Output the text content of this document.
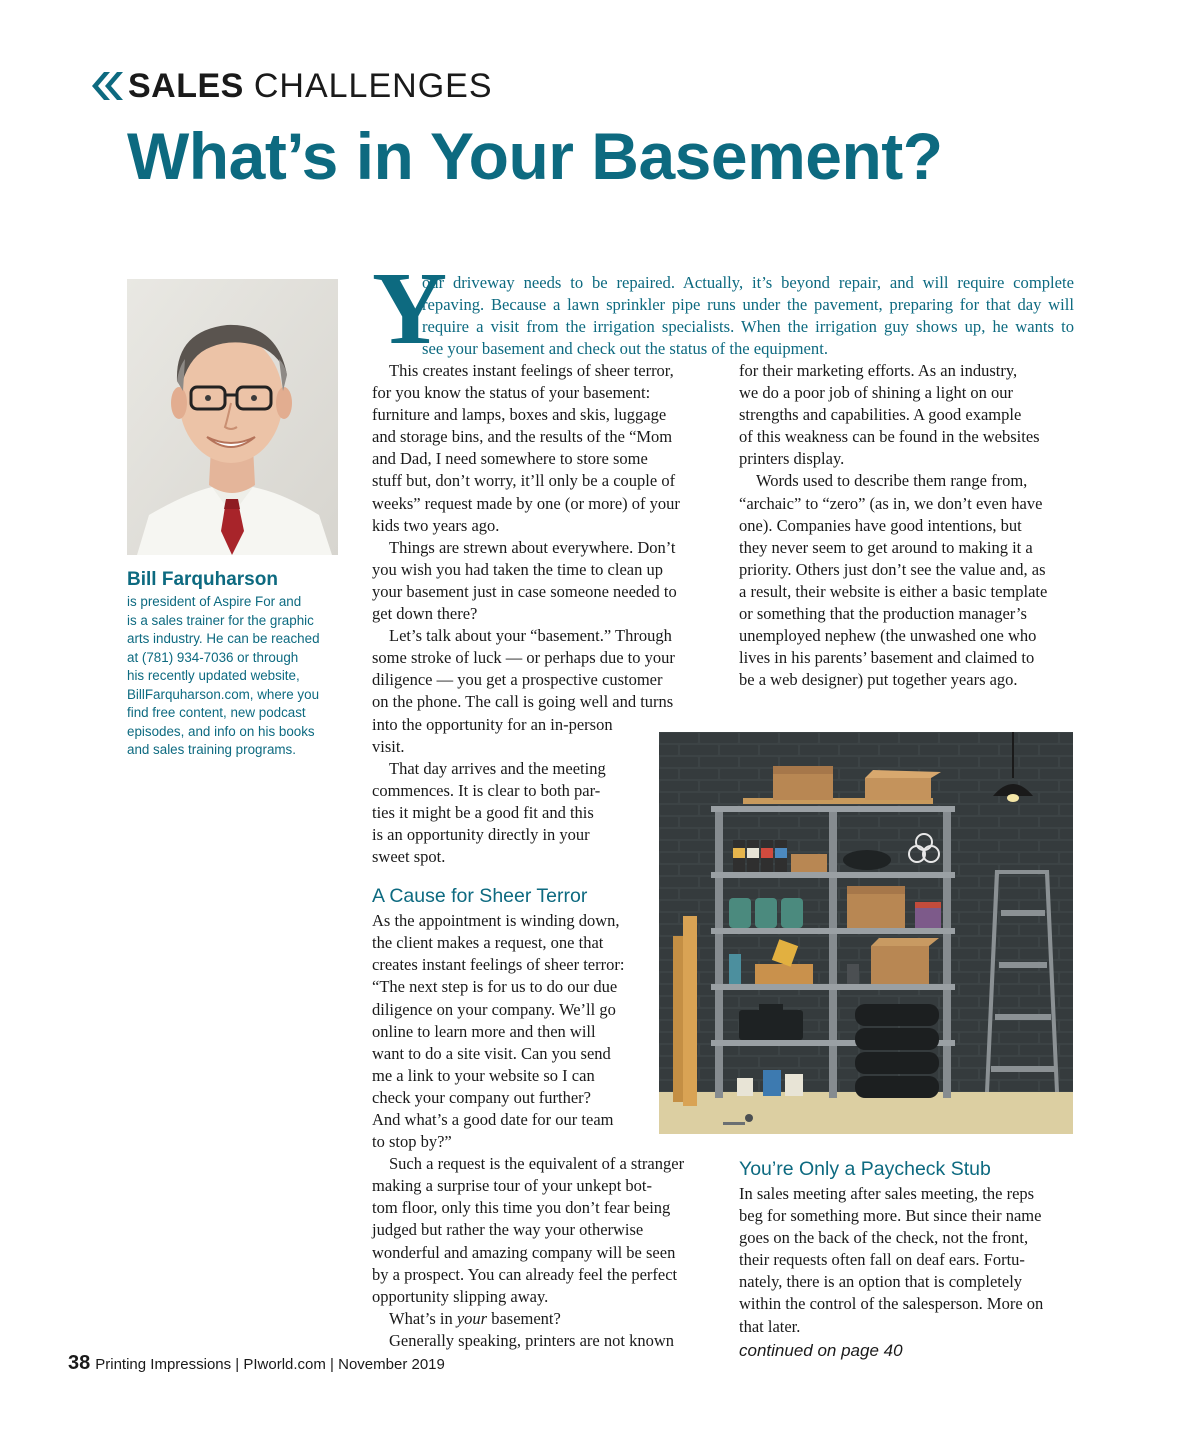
SALES CHALLENGES
What’s in Your Basement?
Bill Farquharson
is president of Aspire For and
is a sales trainer for the graphic
arts industry. He can be reached
at (781) 934-7036 or through
his recently updated website,
BillFarquharson.com, where you
find free content, new podcast
episodes, and info on his books
and sales training programs.
Y
our driveway needs to be repaired. Actually, it’s beyond repair, and will require complete
repaving. Because a lawn sprinkler pipe runs under the pavement, preparing for that day will
require a visit from the irrigation specialists. When the irrigation guy shows up, he wants to
see your basement and check out the status of the equipment.
This creates instant feelings of sheer terror,
for you know the status of your basement:
furniture and lamps, boxes and skis, luggage
and storage bins, and the results of the “Mom
and Dad, I need somewhere to store some
stuff but, don’t worry, it’ll only be a couple of
weeks” request made by one (or more) of your
kids two years ago.
Things are strewn about everywhere. Don’t
you wish you had taken the time to clean up
your basement just in case someone needed to
get down there?
Let’s talk about your “basement.” Through
some stroke of luck — or perhaps due to your
diligence — you get a prospective customer
on the phone. The call is going well and turns
into the opportunity for an in-person
visit.
That day arrives and the meeting
commences. It is clear to both par-
ties it might be a good fit and this
is an opportunity directly in your
sweet spot.
A Cause for Sheer Terror
As the appointment is winding down,
the client makes a request, one that
creates instant feelings of sheer terror:
“The next step is for us to do our due
diligence on your company. We’ll go
online to learn more and then will
want to do a site visit. Can you send
me a link to your website so I can
check your company out further?
And what’s a good date for our team
to stop by?”
Such a request is the equivalent of a stranger
making a surprise tour of your unkept bot-
tom floor, only this time you don’t fear being
judged but rather the way your otherwise
wonderful and amazing company will be seen
by a prospect. You can already feel the perfect
opportunity slipping away.
What’s in your basement?
Generally speaking, printers are not known
for their marketing efforts. As an industry,
we do a poor job of shining a light on our
strengths and capabilities. A good example
of this weakness can be found in the websites
printers display.
Words used to describe them range from,
“archaic” to “zero” (as in, we don’t even have
one). Companies have good intentions, but
they never seem to get around to making it a
priority. Others just don’t see the value and, as
a result, their website is either a basic template
or something that the production manager’s
unemployed nephew (the unwashed one who
lives in his parents’ basement and claimed to
be a web designer) put together years ago.
You’re Only a Paycheck Stub
In sales meeting after sales meeting, the reps
beg for something more. But since their name
goes on the back of the check, not the front,
their requests often fall on deaf ears. Fortu-
nately, there is an option that is completely
within the control of the salesperson. More on
that later.
continued on page 40
38 Printing Impressions | PIworld.com | November 2019
